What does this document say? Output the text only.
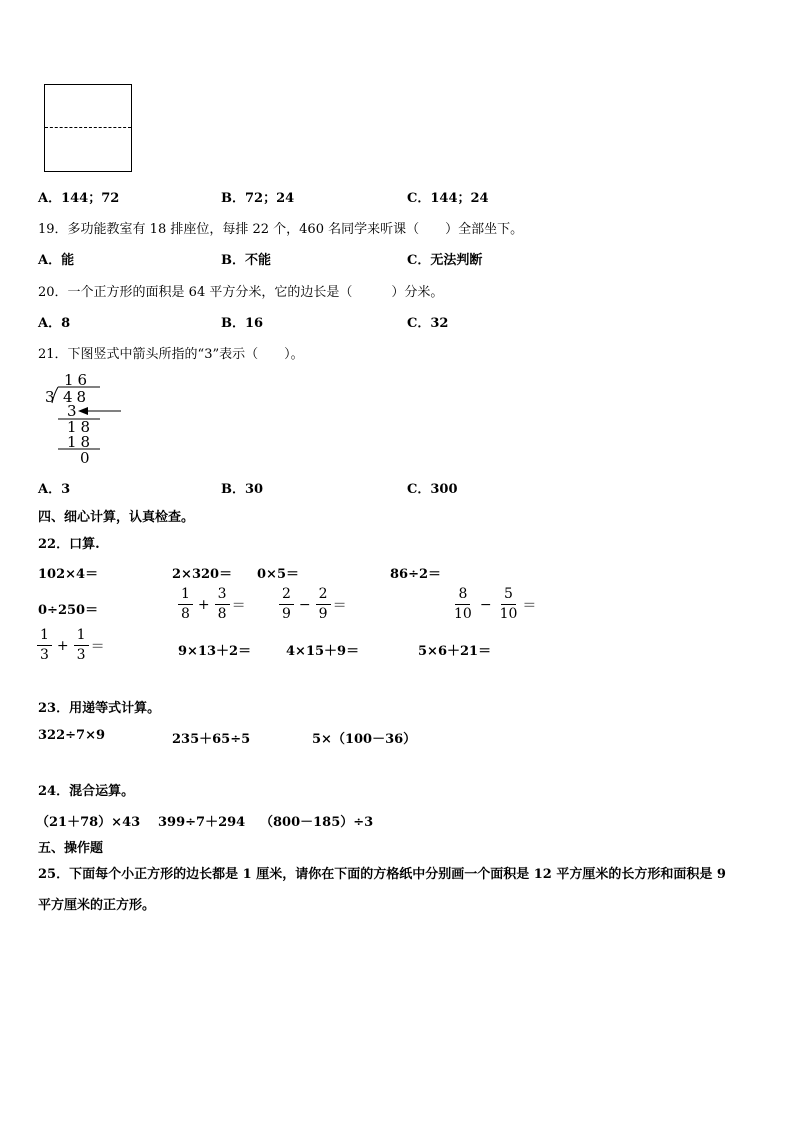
A．144；72	B．72；24	C．144；24
19．多功能教室有 18 排座位，每排 22 个，460 名同学来听课（　　）全部坐下。
A．能	B．不能	C．无法判断
20．一个正方形的面积是 64 平方分米，它的边长是（　　　）分米。
A．8	B．16	C．32
21．下图竖式中箭头所指的“3”表示（　　）。
16
3 48
3
18
18
0
A．3	B．30	C．300
四、细心计算，认真检查。
22．口算.
102×4＝	2×320＝ 0×5＝	86÷2＝
0÷250＝	$\frac{1}{8} + \frac{3}{8} = \frac{2}{9} - \frac{2}{9}$ ＝	$\frac{8}{10} - \frac{5}{10}$ ＝
$\frac{1}{3} + \frac{1}{3}$ ＝	9×13＋2＝	4×15＋9＝	5×6＋21＝
23．用递等式计算。
322÷7×9	235＋65÷5	5×（100－36）
24．混合运算。
（21＋78）×43 399÷7＋294 （800－185）÷3
五、操作题
25．下面每个小正方形的边长都是 1 厘米，请你在下面的方格纸中分别画一个面积是 12 平方厘米的长方形和面积是 9
平方厘米的正方形。
